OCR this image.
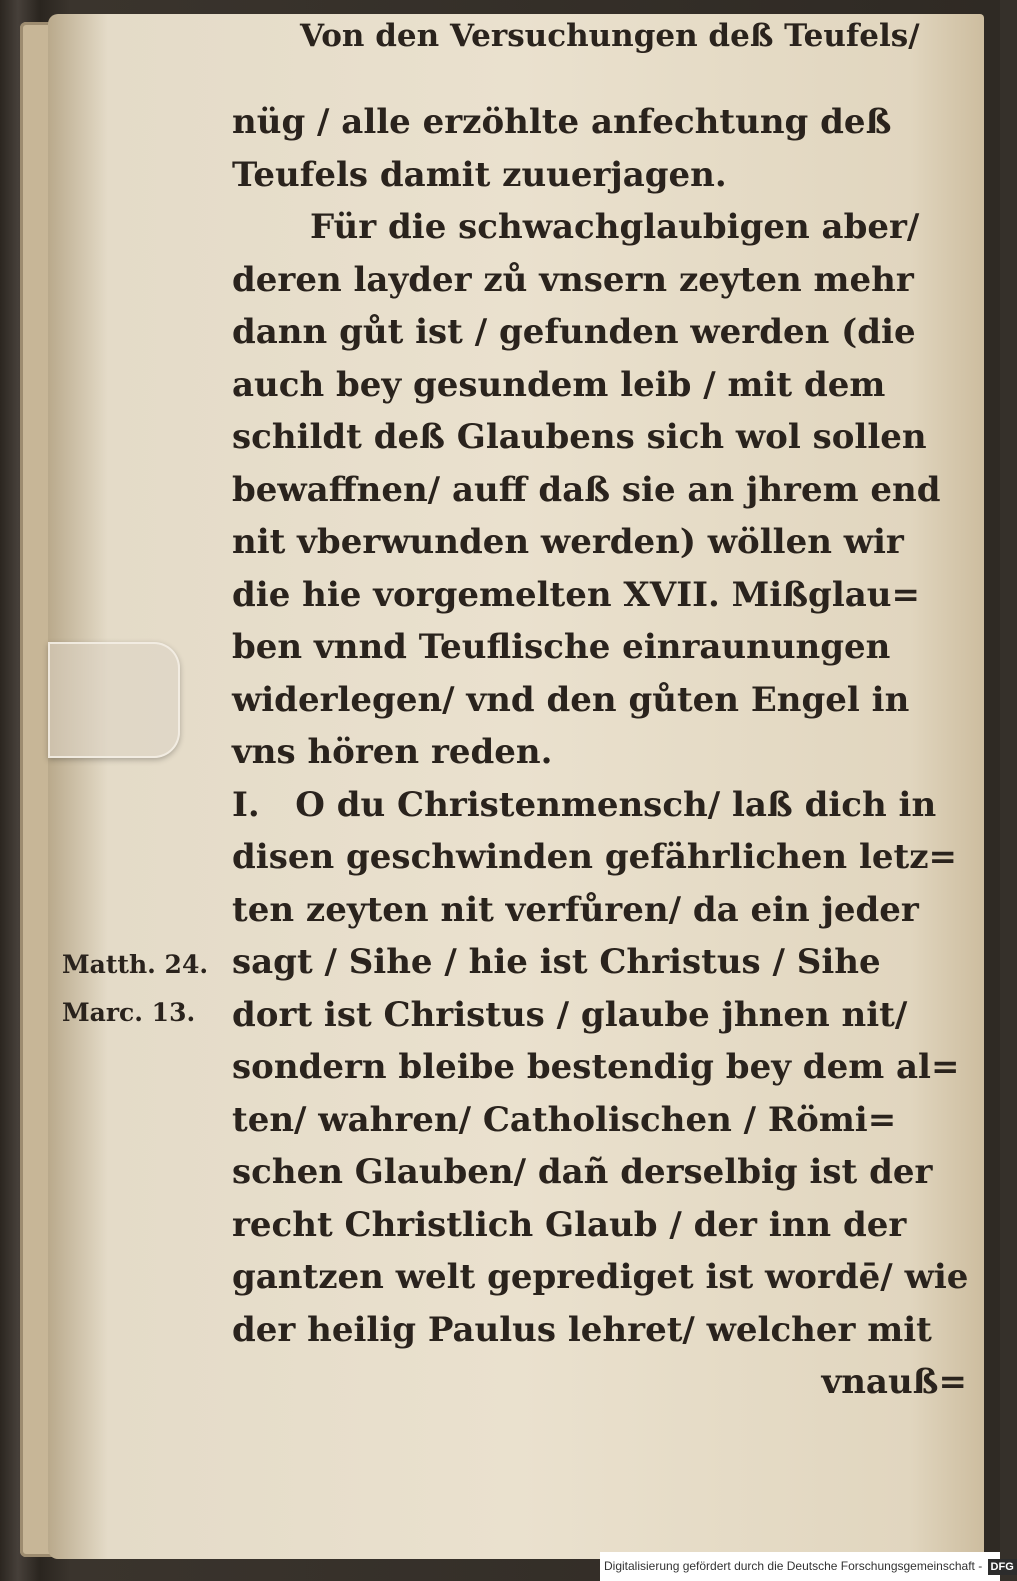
Von den Versuchungen deß Teufels/
nüg / alle erzöhlte anfechtung deß
Teufels damit zuuerjagen.
Für die schwachglaubigen aber/
deren layder zů vnsern zeyten mehr
dann gůt ist / gefunden werden (die
auch bey gesundem leib / mit dem
schildt deß Glaubens sich wol sollen
bewaffnen/ auff daß sie an jhrem end
nit vberwunden werden) wöllen wir
die hie vorgemelten XVII. Mißglau=
ben vnnd Teuflische einraunungen
widerlegen/ vnd den gůten Engel in
vns hören reden.
I.   O du Christenmensch/ laß dich in
disen geschwinden gefährlichen letz=
ten zeyten nit verfůren/ da ein jeder
sagt / Sihe / hie ist Christus / Sihe
dort ist Christus / glaube jhnen nit/
sondern bleibe bestendig bey dem al=
ten/ wahren/ Catholischen / Römi=
schen Glauben/ dañ derselbig ist der
recht Christlich Glaub / der inn der
gantzen welt geprediget ist wordē/ wie
der heilig Paulus lehret/ welcher mit
vnauß=
Matth. 24.
Marc. 13.
Digitalisierung gefördert durch die Deutsche Forschungsgemeinschaft - DFG
